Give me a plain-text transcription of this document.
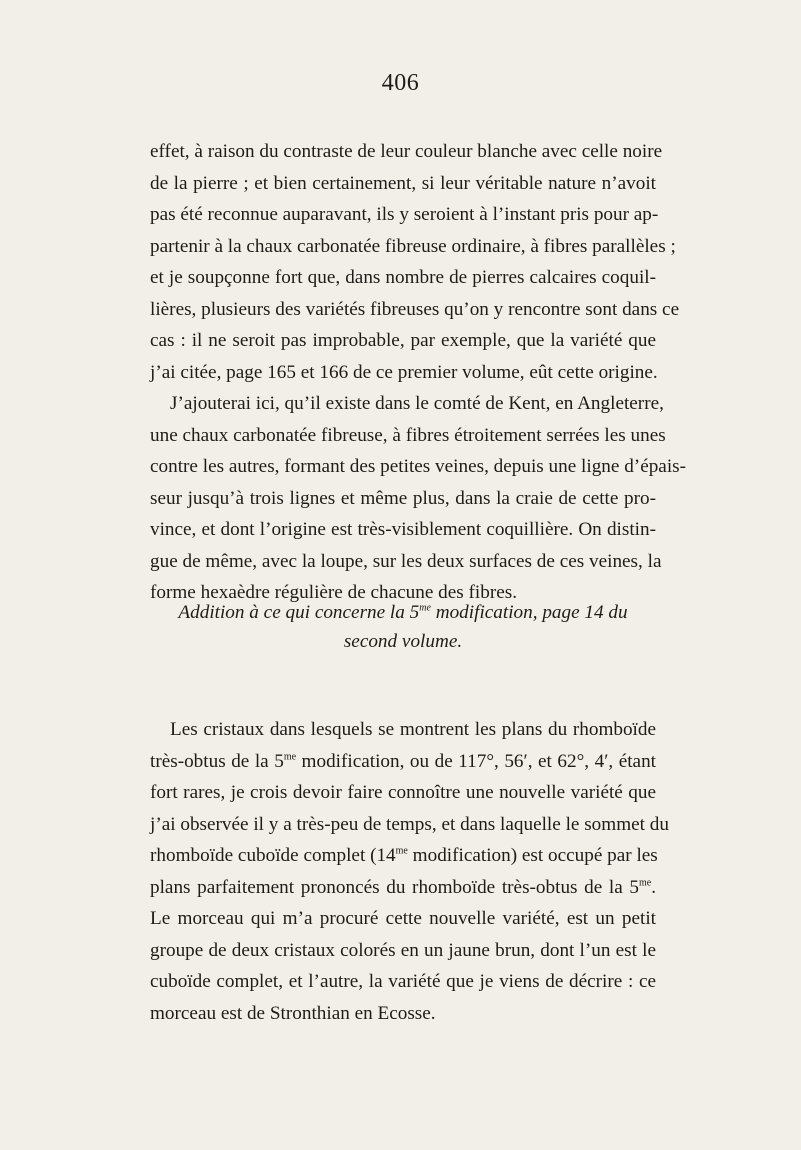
406
effet, à raison du contraste de leur couleur blanche avec celle noire
de la pierre ; et bien certainement, si leur véritable nature n’avoit
pas été reconnue auparavant, ils y seroient à l’instant pris pour ap-
partenir à la chaux carbonatée fibreuse ordinaire, à fibres parallèles ;
et je soupçonne fort que, dans nombre de pierres calcaires coquil-
lières, plusieurs des variétés fibreuses qu’on y rencontre sont dans ce
cas : il ne seroit pas improbable, par exemple, que la variété que
j’ai citée, page 165 et 166 de ce premier volume, eût cette origine.
J’ajouterai ici, qu’il existe dans le comté de Kent, en Angleterre,
une chaux carbonatée fibreuse, à fibres étroitement serrées les unes
contre les autres, formant des petites veines, depuis une ligne d’épais-
seur jusqu’à trois lignes et même plus, dans la craie de cette pro-
vince, et dont l’origine est très-visiblement coquillière. On distin-
gue de même, avec la loupe, sur les deux surfaces de ces veines, la
forme hexaèdre régulière de chacune des fibres.
Addition à ce qui concerne la $5^{me}$ modification, page 14 du
second volume.
Les cristaux dans lesquels se montrent les plans du rhomboïde
très-obtus de la $5^{me}$ modification, ou de 117°, 56′, et 62°, 4′, étant
fort rares, je crois devoir faire connoître une nouvelle variété que
j’ai observée il y a très-peu de temps, et dans laquelle le sommet du
rhomboïde cuboïde complet ($14^{me}$ modification) est occupé par les
plans parfaitement prononcés du rhomboïde très-obtus de la $5^{me}$.
Le morceau qui m’a procuré cette nouvelle variété, est un petit
groupe de deux cristaux colorés en un jaune brun, dont l’un est le
cuboïde complet, et l’autre, la variété que je viens de décrire : ce
morceau est de Stronthian en Ecosse.
